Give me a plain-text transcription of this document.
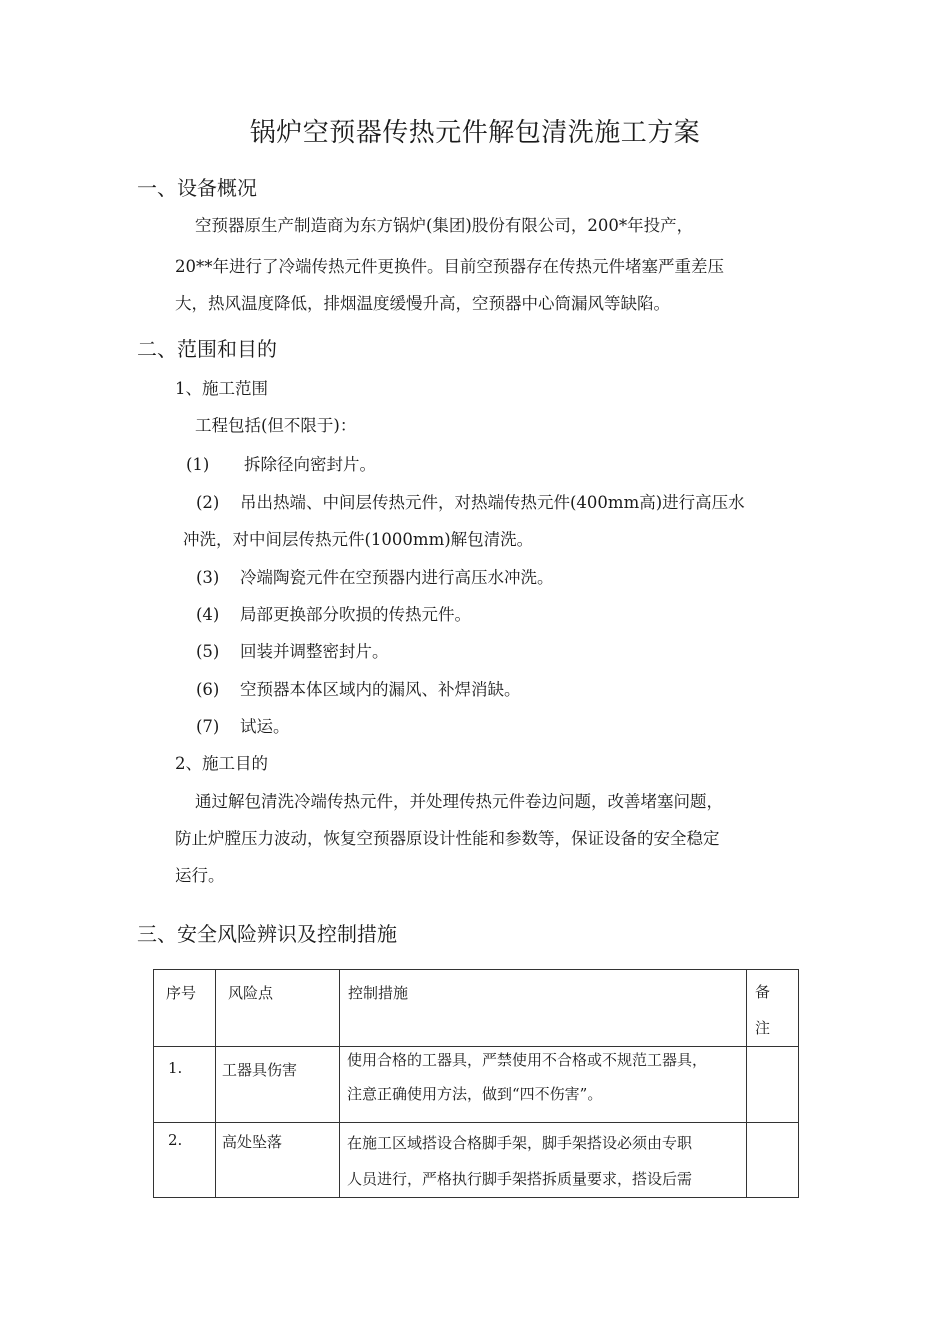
锅炉空预器传热元件解包清洗施工方案
一、设备概况
空预器原生产制造商为东方锅炉(集团)股份有限公司，200*年投产，
20**年进行了冷端传热元件更换件。目前空预器存在传热元件堵塞严重差压
大，热风温度降低，排烟温度缓慢升高，空预器中心筒漏风等缺陷。
二、范围和目的
1、施工范围
工程包括(但不限于)：
(1) 拆除径向密封片。
(2) 吊出热端、中间层传热元件，对热端传热元件(400mm高)进行高压水
冲洗，对中间层传热元件(1000mm)解包清洗。
(3) 冷端陶瓷元件在空预器内进行高压水冲洗。
(4) 局部更换部分吹损的传热元件。
(5) 回装并调整密封片。
(6) 空预器本体区域内的漏风、补焊消缺。
(7) 试运。
2、施工目的
通过解包清洗冷端传热元件，并处理传热元件卷边问题，改善堵塞问题，
防止炉膛压力波动，恢复空预器原设计性能和参数等，保证设备的安全稳定
运行。
三、安全风险辨识及控制措施
序号	风险点	控制措施	备
注

1.	工器具伤害	使用合格的工器具，严禁使用不合格或不规范工器具，
注意正确使用方法，做到“四不伤害”。	

2.	高处坠落	在施工区域搭设合格脚手架，脚手架搭设必须由专职
人员进行，严格执行脚手架搭拆质量要求，搭设后需	
